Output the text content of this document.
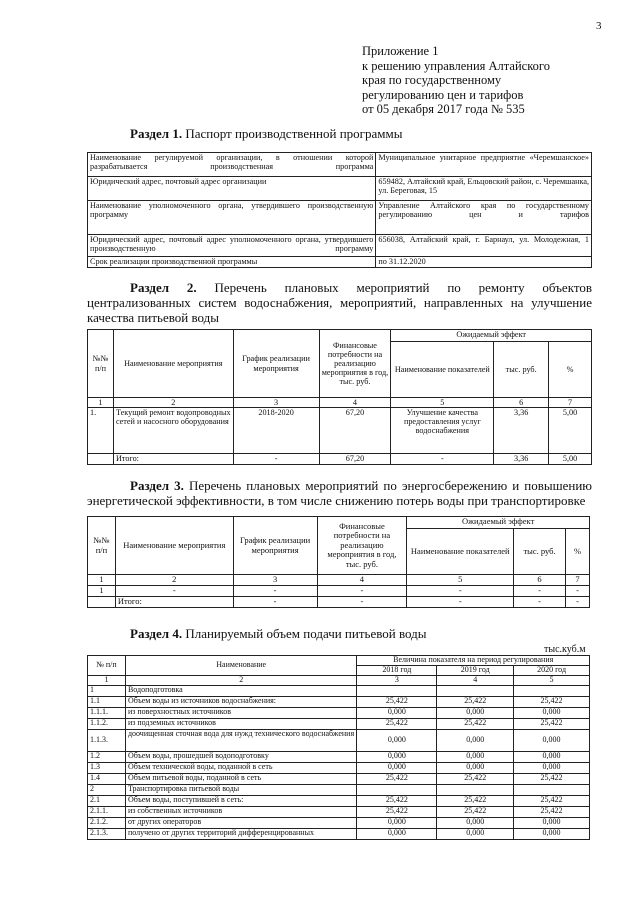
3
Приложение 1
к решению управления Алтайского
края по государственному
регулированию цен и тарифов
от 05 декабря 2017 года № 535
Раздел 1. Паспорт производственной программы
Наименование регулируемой организации, в отношении которой разрабатывается производственная программа	Муниципальное унитарное предприятие «Черемшанское»
Юридический адрес, почтовый адрес организации	659482, Алтайский край, Ельцовский район, с. Черемшанка, ул. Береговая, 15
Наименование уполномоченного органа, утвердившего производственную программу	Управление Алтайского края по государственному регулированию цен и тарифов
Юридический адрес, почтовый адрес уполномоченного органа, утвердившего производственную программу	656038, Алтайский край, г. Барнаул, ул. Молодежная, 1
Срок реализации производственной программы	по 31.12.2020
Раздел 2. Перечень плановых мероприятий по ремонту объектов централизованных систем водоснабжения, мероприятий, направленных на улучшение качества питьевой воды
№№ п/п	Наименование мероприятия	График реализации мероприятия	Финансовые потребности на реализацию мероприятия в год, тыс. руб.	Ожидаемый эффект		
				Наименование показателей	тыс. руб.	%
1	2	3	4	5	6	7
1.	Текущий ремонт водопроводных сетей и насосного оборудования	2018-2020	67,20	Улучшение качества предоставления услуг водоснабжения	3,36	5,00
	Итого:	-	67,20	-	3,36	5,00
Раздел 3. Перечень плановых мероприятий по энергосбережению и повышению энергетической эффективности, в том числе снижению потерь воды при транспортировке
№№ п/п	Наименование мероприятия	График реализации мероприятия	Финансовые потребности на реализацию мероприятия в год, тыс. руб.	Ожидаемый эффект		
				Наименование показателей	тыс. руб.	%
1	2	3	4	5	6	7
1	-	-	-	-	-	-
	Итого:	-	-	-	-	-
Раздел 4. Планируемый объем подачи питьевой воды
тыс.куб.м
№ п/п	Наименование	Величина показателя на период регулирования		
		2018 год	2019 год	2020 год
1	2	3	4	5
1	Водоподготовка			
1.1	Объем воды из источников водоснабжения:	25,422	25,422	25,422
1.1.1.	из поверхностных источников	0,000	0,000	0,000
1.1.2.	из подземных источников	25,422	25,422	25,422
1.1.3.	доочищенная сточная вода для нужд технического водоснабжения	0,000	0,000	0,000
1.2	Объем воды, прошедшей водоподготовку	0,000	0,000	0,000
1.3	Объем технической воды, поданной в сеть	0,000	0,000	0,000
1.4	Объем питьевой воды, поданной в сеть	25,422	25,422	25,422
2	Транспортировка питьевой воды			
2.1	Объем воды, поступившей в сеть:	25,422	25,422	25,422
2.1.1.	из собственных источников	25,422	25,422	25,422
2.1.2.	от других операторов	0,000	0,000	0,000
2.1.3.	получено от других территорий дифференцированных	0,000	0,000	0,000
